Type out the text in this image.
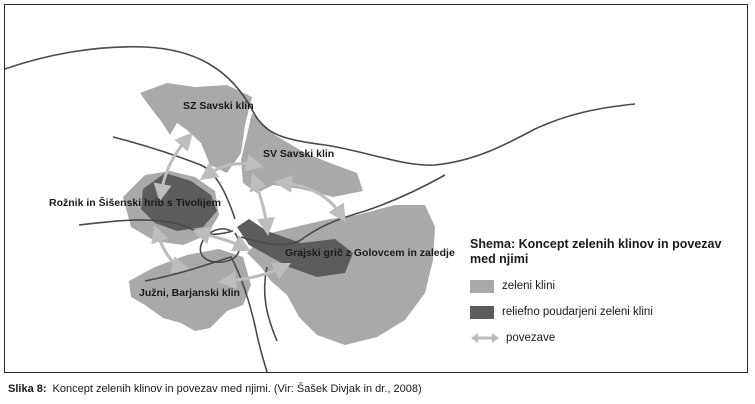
SZ Savski klin
SV Savski klin
Rožnik in Šišenski hrib s Tivolijem
Grajski grič z Golovcem in zaledje
Južni, Barjanski klin
Shema: Koncept zelenih klinov in povezav med njimi
zeleni klini
reliefno poudarjeni zeleni klini
povezave
Slika 8: Koncept zelenih klinov in povezav med njimi. (Vir: Šašek Divjak in dr., 2008)
